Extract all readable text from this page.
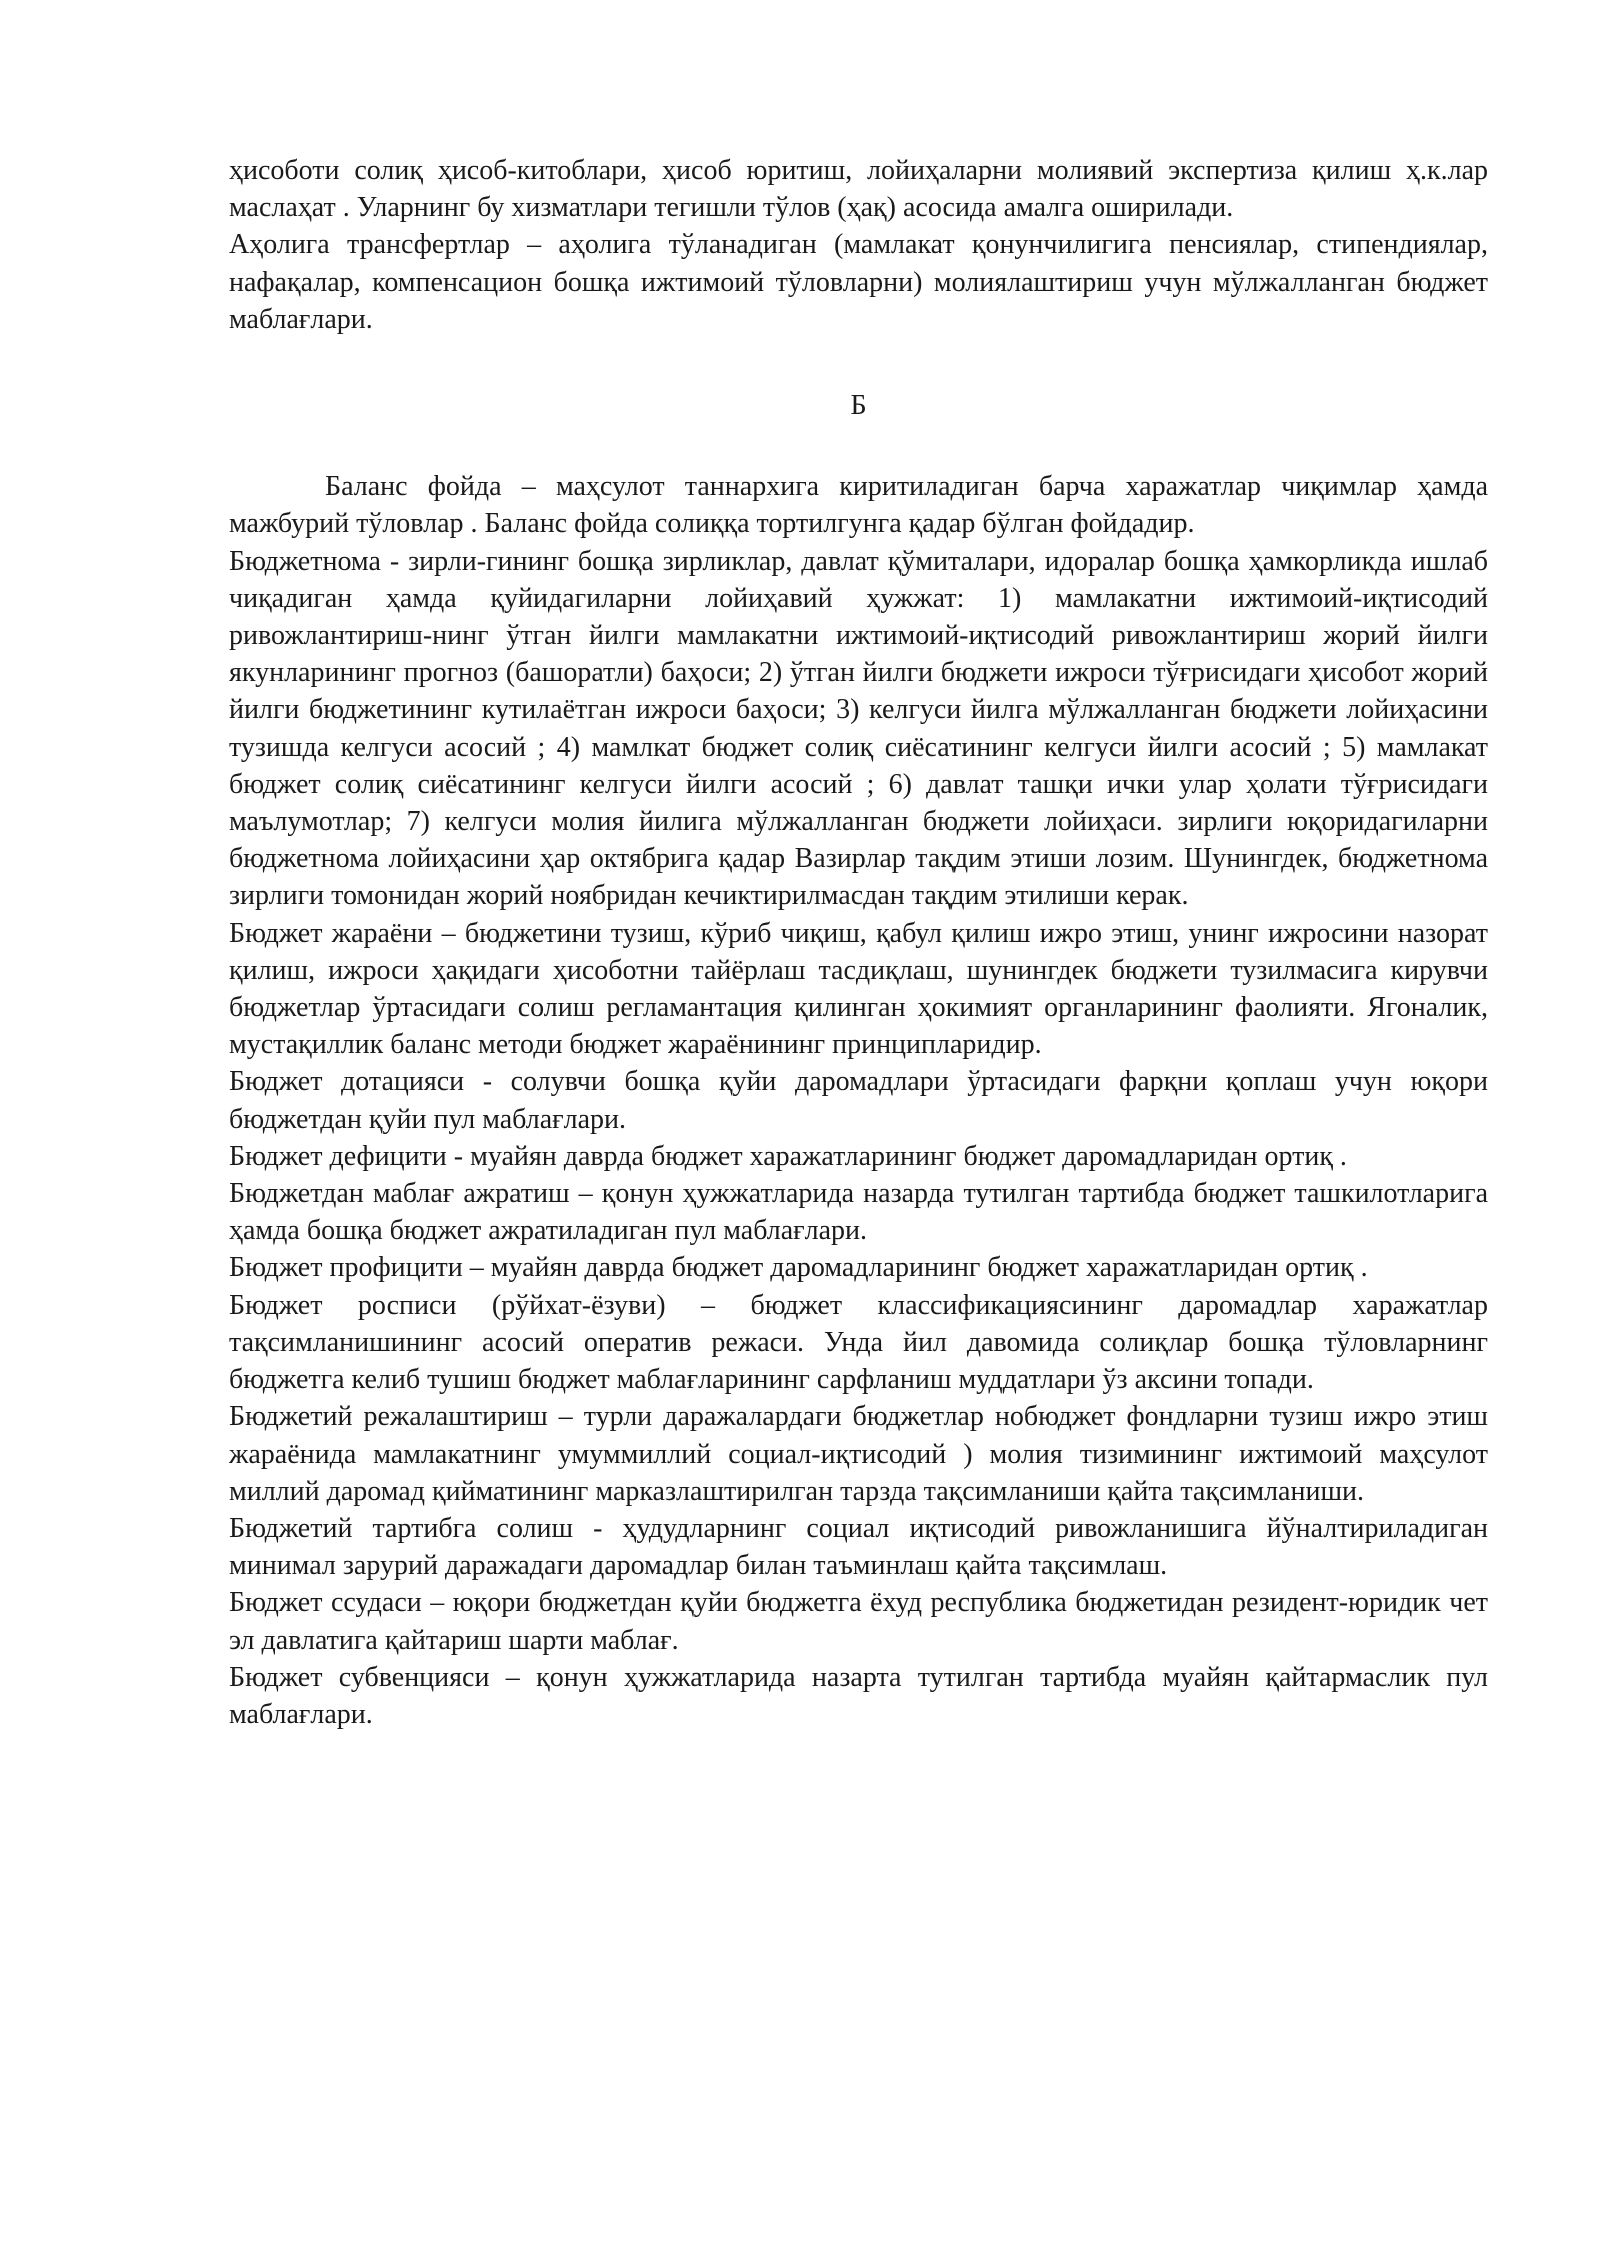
ҳисоботи солиқ ҳисоб-китоблари, ҳисоб юритиш, лойиҳаларни молиявий экспертиза қилиш ҳ.к.лар маслаҳат . Уларнинг бу хизматлари тегишли тўлов (ҳақ) асосида амалга оширилади.

Аҳолига трансфертлар – аҳолига тўланадиган (мамлакат қонунчилигига пенсиялар, стипендиялар, нафақалар, компенсацион бошқа ижтимоий тўловларни) молиялаштириш учун мўлжалланган бюджет маблағлари.

Б

Баланс фойда – маҳсулот таннархига киритиладиган барча харажатлар чиқимлар ҳамда мажбурий тўловлар . Баланс фойда солиққа тортилгунга қадар бўлган фойдадир.

Бюджетнома - зирли-гининг бошқа зирликлар, давлат қўмиталари, идоралар бошқа ҳамкорликда ишлаб чиқадиган ҳамда қуйидагиларни лойиҳавий ҳужжат: 1) мамлакатни ижтимоий-иқтисодий ривожлантириш-нинг ўтган йилги мамлакатни ижтимоий-иқтисодий ривожлантириш жорий йилги якунларининг прогноз (башоратли) баҳоси; 2) ўтган йилги бюджети ижроси тўғрисидаги ҳисобот жорий йилги бюджетининг кутилаётган ижроси баҳоси; 3) келгуси йилга мўлжалланган бюджети лойиҳасини тузишда келгуси асосий ; 4) мамлкат бюджет солиқ сиёсатининг келгуси йилги асосий ; 5) мамлакат бюджет солиқ сиёсатининг келгуси йилги асосий ; 6) давлат ташқи ички улар ҳолати тўғрисидаги маълумотлар; 7) келгуси молия йилига мўлжалланган бюджети лойиҳаси. зирлиги юқоридагиларни бюджетнома лойиҳасини ҳар октябрига қадар Вазирлар тақдим этиши лозим. Шунингдек, бюджетнома зирлиги томонидан жорий ноябридан кечиктирилмасдан тақдим этилиши керак.

Бюджет жараёни – бюджетини тузиш, кўриб чиқиш, қабул қилиш ижро этиш, унинг ижросини назорат қилиш, ижроси ҳақидаги ҳисоботни тайёрлаш тасдиқлаш, шунингдек бюджети тузилмасига кирувчи бюджетлар ўртасидаги солиш регламантация қилинган ҳокимият органларининг фаолияти. Ягоналик, мустақиллик баланс методи бюджет жараёнининг принципларидир.

Бюджет дотацияси - солувчи бошқа қуйи даромадлари ўртасидаги фарқни қоплаш учун юқори бюджетдан қуйи пул маблағлари.

Бюджет дефицити - муайян даврда бюджет харажатларининг бюджет даромадларидан ортиқ .

Бюджетдан маблағ ажратиш – қонун ҳужжатларида назарда тутилган тартибда бюджет ташкилотларига ҳамда бошқа бюджет ажратиладиган пул маблағлари.

Бюджет профицити – муайян даврда бюджет даромадларининг бюджет харажатларидан ортиқ .

Бюджет росписи (рўйхат-ёзуви) – бюджет классификациясининг даромадлар харажатлар тақсимланишининг асосий оператив режаси. Унда йил давомида солиқлар бошқа тўловларнинг бюджетга келиб тушиш бюджет маблағларининг сарфланиш муддатлари ўз аксини топади.

Бюджетий режалаштириш – турли даражалардаги бюджетлар нобюджет фондларни тузиш ижро этиш жараёнида мамлакатнинг умуммиллий социал-иқтисодий ) молия тизимининг ижтимоий маҳсулот миллий даромад қийматининг марказлаштирилган тарзда тақсимланиши қайта тақсимланиши.

Бюджетий тартибга солиш - ҳудудларнинг социал иқтисодий ривожланишига йўналтириладиган минимал зарурий даражадаги даромадлар билан таъминлаш қайта тақсимлаш.

Бюджет ссудаси – юқори бюджетдан қуйи бюджетга ёхуд республика бюджетидан резидент-юридик чет эл давлатига қайтариш шарти маблағ.

Бюджет субвенцияси – қонун ҳужжатларида назарта тутилган тартибда муайян қайтармаслик пул маблағлари.
